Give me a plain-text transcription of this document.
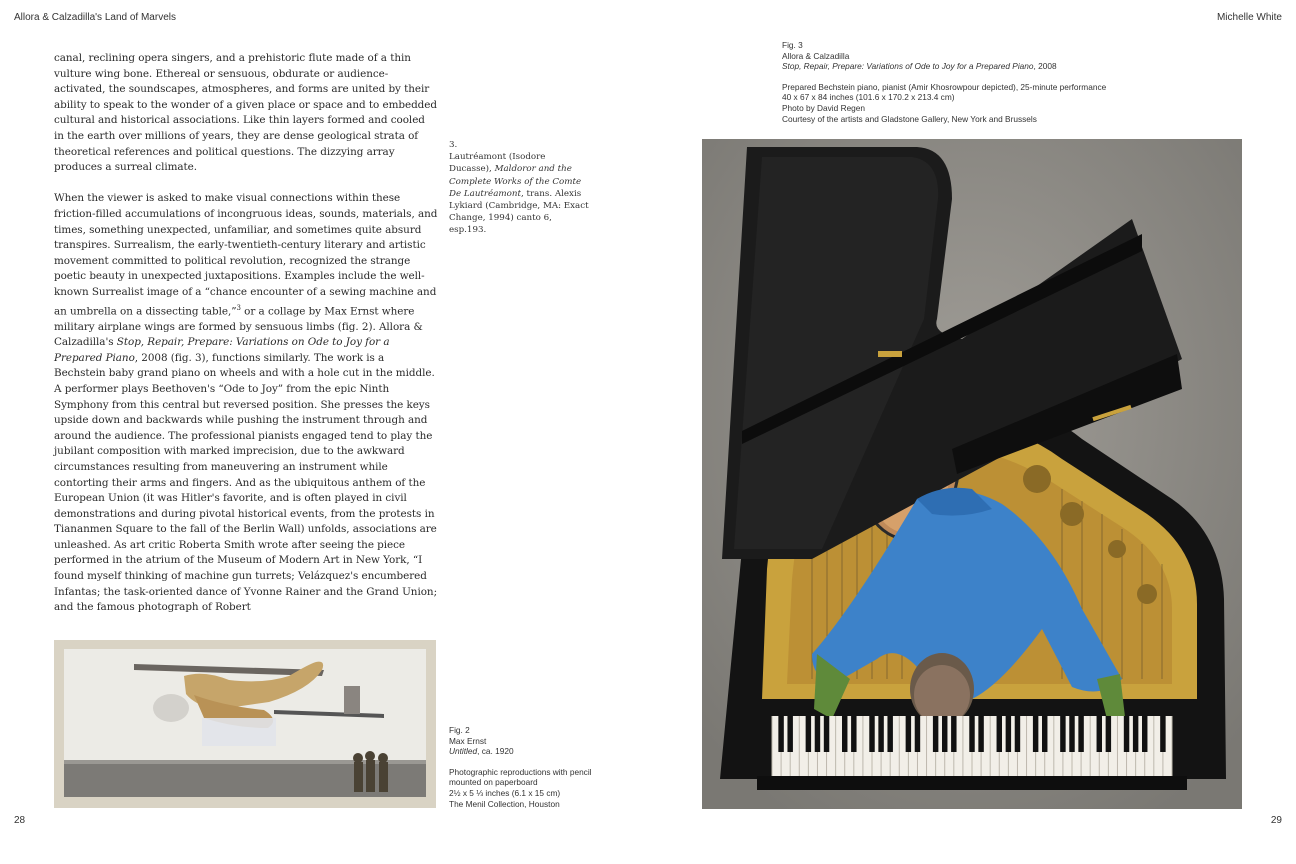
Allora & Calzadilla's Land of Marvels	Michelle White

canal, reclining opera singers, and a prehistoric flute made of a thin vulture wing bone. Ethereal or sensuous, obdurate or audience-activated, the soundscapes, atmospheres, and forms are united by their ability to speak to the wonder of a given place or space and to embedded cultural and historical associations. Like thin layers formed and cooled in the earth over millions of years, they are dense geological strata of theoretical references and political questions. The dizzying array produces a surreal climate.

When the viewer is asked to make visual connections within these friction-filled accumulations of incongruous ideas, sounds, materials, and times, something unexpected, unfamiliar, and sometimes quite absurd transpires. Surrealism, the early-twentieth-century literary and artistic movement committed to political revolution, recognized the strange poetic beauty in unexpected juxtapositions. Examples include the well-known Surrealist image of a “chance encounter of a sewing machine and an umbrella on a dissecting table,”$^3$ or a collage by Max Ernst where military airplane wings are formed by sensuous limbs (fig. 2). Allora & Calzadilla's Stop, Repair, Prepare: Variations on Ode to Joy for a Prepared Piano, 2008 (fig. 3), functions similarly. The work is a Bechstein baby grand piano on wheels and with a hole cut in the middle. A performer plays Beethoven's “Ode to Joy” from the epic Ninth Symphony from this central but reversed position. She presses the keys upside down and backwards while pushing the instrument through and around the audience. The professional pianists engaged tend to play the jubilant composition with marked imprecision, due to the awkward circumstances resulting from maneuvering an instrument while contorting their arms and fingers. And as the ubiquitous anthem of the European Union (it was Hitler's favorite, and is often played in civil demonstrations and during pivotal historical events, from the protests in Tiananmen Square to the fall of the Berlin Wall) unfolds, associations are unleashed. As art critic Roberta Smith wrote after seeing the piece performed in the atrium of the Museum of Modern Art in New York, “I found myself thinking of machine gun turrets; Velázquez's encumbered Infantas; the task-oriented dance of Yvonne Rainer and the Grand Union; and the famous photograph of Robert

3.
Lautréamont (Isodore Ducasse), Maldoror and the Complete Works of the Comte De Lautréamont, trans. Alexis Lykiard (Cambridge, MA: Exact Change, 1994) canto 6, esp.193.
Fig. 3
Allora & Calzadilla
Stop, Repair, Prepare: Variations of Ode to Joy for a Prepared Piano, 2008
Prepared Bechstein piano, pianist (Amir Khosrowpour depicted), 25-minute performance
40 x 67 x 84 inches (101.6 x 170.2 x 213.4 cm)
Photo by David Regen
Courtesy of the artists and Gladstone Gallery, New York and Brussels
Fig. 2
Max Ernst
Untitled, ca. 1920
Photographic reproductions with pencil mounted on paperboard
2½ x 5 ⅓ inches (6.1 x 15 cm)
The Menil Collection, Houston
28	29
